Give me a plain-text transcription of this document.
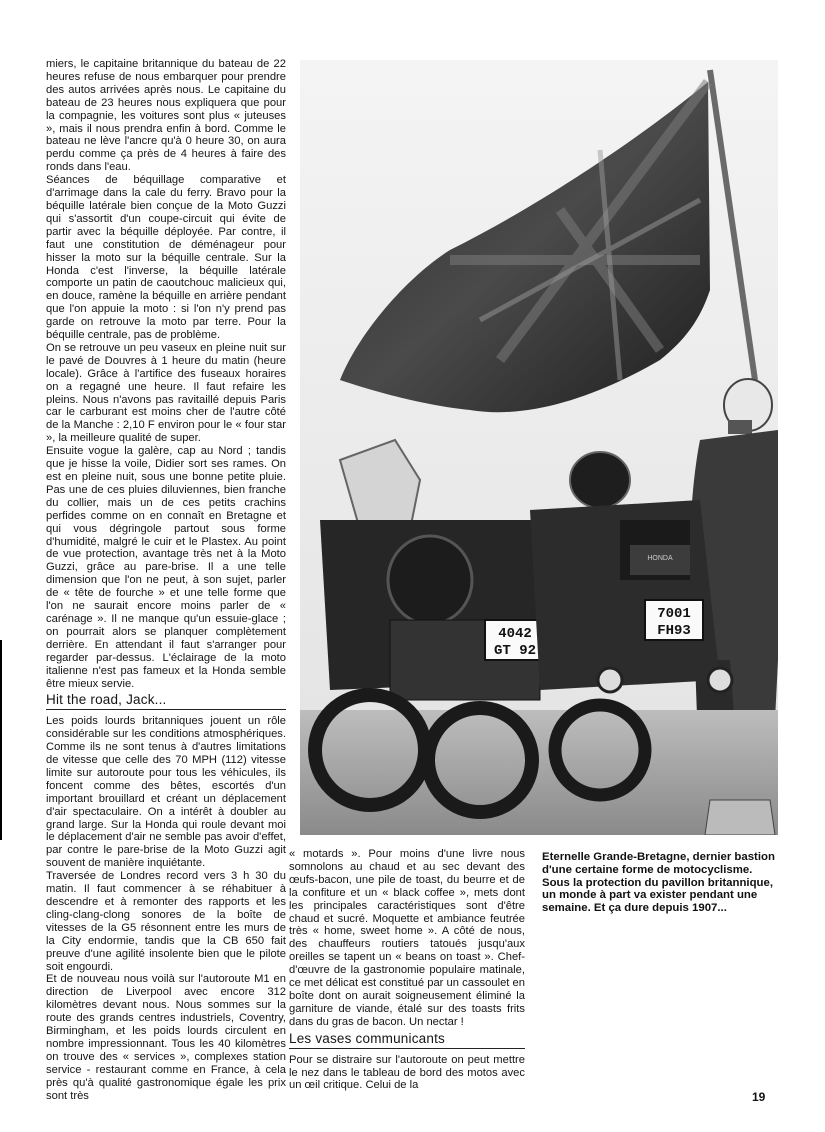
miers, le capitaine britannique du bateau de 22 heures refuse de nous embarquer pour prendre des autos arrivées après nous. Le capitaine du bateau de 23 heures nous expliquera que pour la compagnie, les voitures sont plus « juteuses », mais il nous prendra enfin à bord. Comme le bateau ne lève l'ancre qu'à 0 heure 30, on aura perdu comme ça près de 4 heures à faire des ronds dans l'eau.

Séances de béquillage comparative et d'arrimage dans la cale du ferry. Bravo pour la béquille latérale bien conçue de la Moto Guzzi qui s'assortit d'un coupe-circuit qui évite de partir avec la béquille déployée. Par contre, il faut une constitution de déménageur pour hisser la moto sur la béquille centrale. Sur la Honda c'est l'inverse, la béquille latérale comporte un patin de caoutchouc malicieux qui, en douce, ramène la béquille en arrière pendant que l'on appuie la moto : si l'on n'y prend pas garde on retrouve la moto par terre. Pour la béquille centrale, pas de problème.

On se retrouve un peu vaseux en pleine nuit sur le pavé de Douvres à 1 heure du matin (heure locale). Grâce à l'artifice des fuseaux horaires on a regagné une heure. Il faut refaire les pleins. Nous n'avons pas ravitaillé depuis Paris car le carburant est moins cher de l'autre côté de la Manche : 2,10 F environ pour le « four star », la meilleure qualité de super.

Ensuite vogue la galère, cap au Nord ; tandis que je hisse la voile, Didier sort ses rames. On est en pleine nuit, sous une bonne petite pluie. Pas une de ces pluies diluviennes, bien franche du collier, mais un de ces petits crachins perfides comme on en connaît en Bretagne et qui vous dégringole partout sous forme d'humidité, malgré le cuir et le Plastex. Au point de vue protection, avantage très net à la Moto Guzzi, grâce au pare-brise. Il a une telle dimension que l'on ne peut, à son sujet, parler de « tête de fourche » et une telle forme que l'on ne saurait encore moins parler de « carénage ». Il ne manque qu'un essuie-glace ; on pourrait alors se planquer complètement derrière. En attendant il faut s'arranger pour regarder par-dessus. L'éclairage de la moto italienne n'est pas fameux et la Honda semble être mieux servie.

Hit the road, Jack...

Les poids lourds britanniques jouent un rôle considérable sur les conditions atmosphériques. Comme ils ne sont tenus à d'autres limitations de vitesse que celle des 70 MPH (112) vitesse limite sur autoroute pour tous les véhicules, ils foncent comme des bêtes, escortés d'un important brouillard et créant un déplacement d'air spectaculaire. On a intérêt à doubler au grand large. Sur la Honda qui roule devant moi le déplacement d'air ne semble pas avoir d'effet, par contre le pare-brise de la Moto Guzzi agit souvent de manière inquiétante.

Traversée de Londres record vers 3 h 30 du matin. Il faut commencer à se réhabituer à descendre et à remonter des rapports et les cling-clang-clong sonores de la boîte de vitesses de la G5 résonnent entre les murs de la City endormie, tandis que la CB 650 fait preuve d'une agilité insolente bien que le pilote soit engourdi.

Et de nouveau nous voilà sur l'autoroute M1 en direction de Liverpool avec encore 312 kilomètres devant nous. Nous sommes sur la route des grands centres industriels, Coventry, Birmingham, et les poids lourds circulent en nombre impressionnant. Tous les 40 kilomètres on trouve des « services », complexes station service - restaurant comme en France, à cela près qu'à qualité gastronomique égale les prix sont très

4042
GT 92
HONDA
7001
FH93

« motards ». Pour moins d'une livre nous somnolons au chaud et au sec devant des œufs-bacon, une pile de toast, du beurre et de la confiture et un « black coffee », mets dont les principales caractéristiques sont d'être chaud et sucré. Moquette et ambiance feutrée très « home, sweet home ». A côté de nous, des chauffeurs routiers tatoués jusqu'aux oreilles se tapent un « beans on toast ». Chef-d'œuvre de la gastronomie populaire matinale, ce met délicat est constitué par un cassoulet en boîte dont on aurait soigneusement éliminé la garniture de viande, étalé sur des toasts frits dans du gras de bacon. Un nectar !

Les vases communicants

Pour se distraire sur l'autoroute on peut mettre le nez dans le tableau de bord des motos avec un œil critique. Celui de la

Eternelle Grande-Bretagne, dernier bastion d'une certaine forme de motocyclisme.

Sous la protection du pavillon britannique, un monde à part va exister pendant une semaine. Et ça dure depuis 1907...

19
